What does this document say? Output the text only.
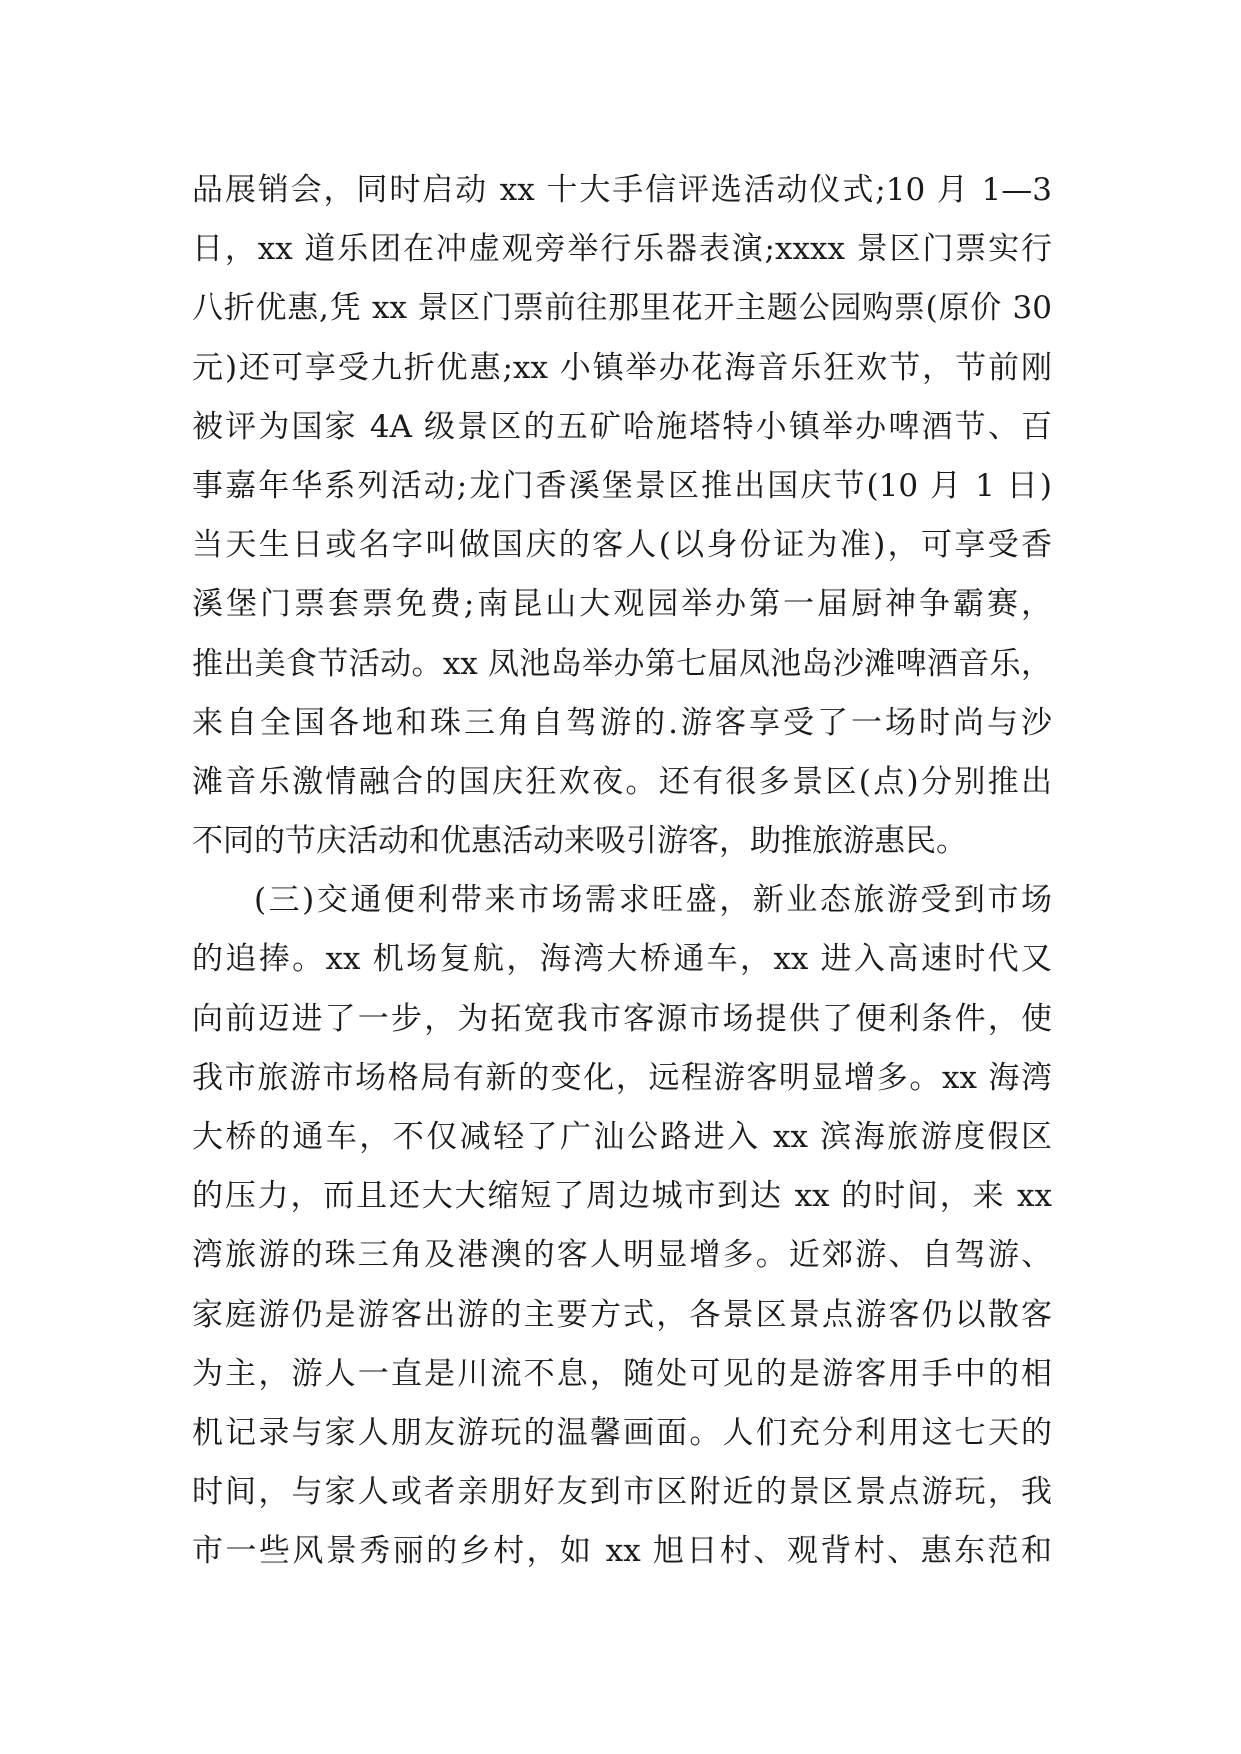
品展销会，同时启动 xx 十大手信评选活动仪式;10 月 1—3
日，xx 道乐团在冲虚观旁举行乐器表演;xxxx 景区门票实行
八折优惠,凭 xx 景区门票前往那里花开主题公园购票(原价 30
元)还可享受九折优惠;xx 小镇举办花海音乐狂欢节，节前刚
被评为国家 4A 级景区的五矿哈施塔特小镇举办啤酒节、百
事嘉年华系列活动;龙门香溪堡景区推出国庆节(10 月 1 日)
当天生日或名字叫做国庆的客人(以身份证为准)，可享受香
溪堡门票套票免费;南昆山大观园举办第一届厨神争霸赛，
推出美食节活动。xx 凤池岛举办第七届凤池岛沙滩啤酒音乐，
来自全国各地和珠三角自驾游的.游客享受了一场时尚与沙
滩音乐激情融合的国庆狂欢夜。还有很多景区(点)分别推出
不同的节庆活动和优惠活动来吸引游客，助推旅游惠民。
(三)交通便利带来市场需求旺盛，新业态旅游受到市场
的追捧。xx 机场复航，海湾大桥通车，xx 进入高速时代又
向前迈进了一步，为拓宽我市客源市场提供了便利条件，使
我市旅游市场格局有新的变化，远程游客明显增多。xx 海湾
大桥的通车，不仅减轻了广汕公路进入 xx 滨海旅游度假区
的压力，而且还大大缩短了周边城市到达 xx 的时间，来 xx
湾旅游的珠三角及港澳的客人明显增多。近郊游、自驾游、
家庭游仍是游客出游的主要方式，各景区景点游客仍以散客
为主，游人一直是川流不息，随处可见的是游客用手中的相
机记录与家人朋友游玩的温馨画面。人们充分利用这七天的
时间，与家人或者亲朋好友到市区附近的景区景点游玩，我
市一些风景秀丽的乡村，如 xx 旭日村、观背村、惠东范和
